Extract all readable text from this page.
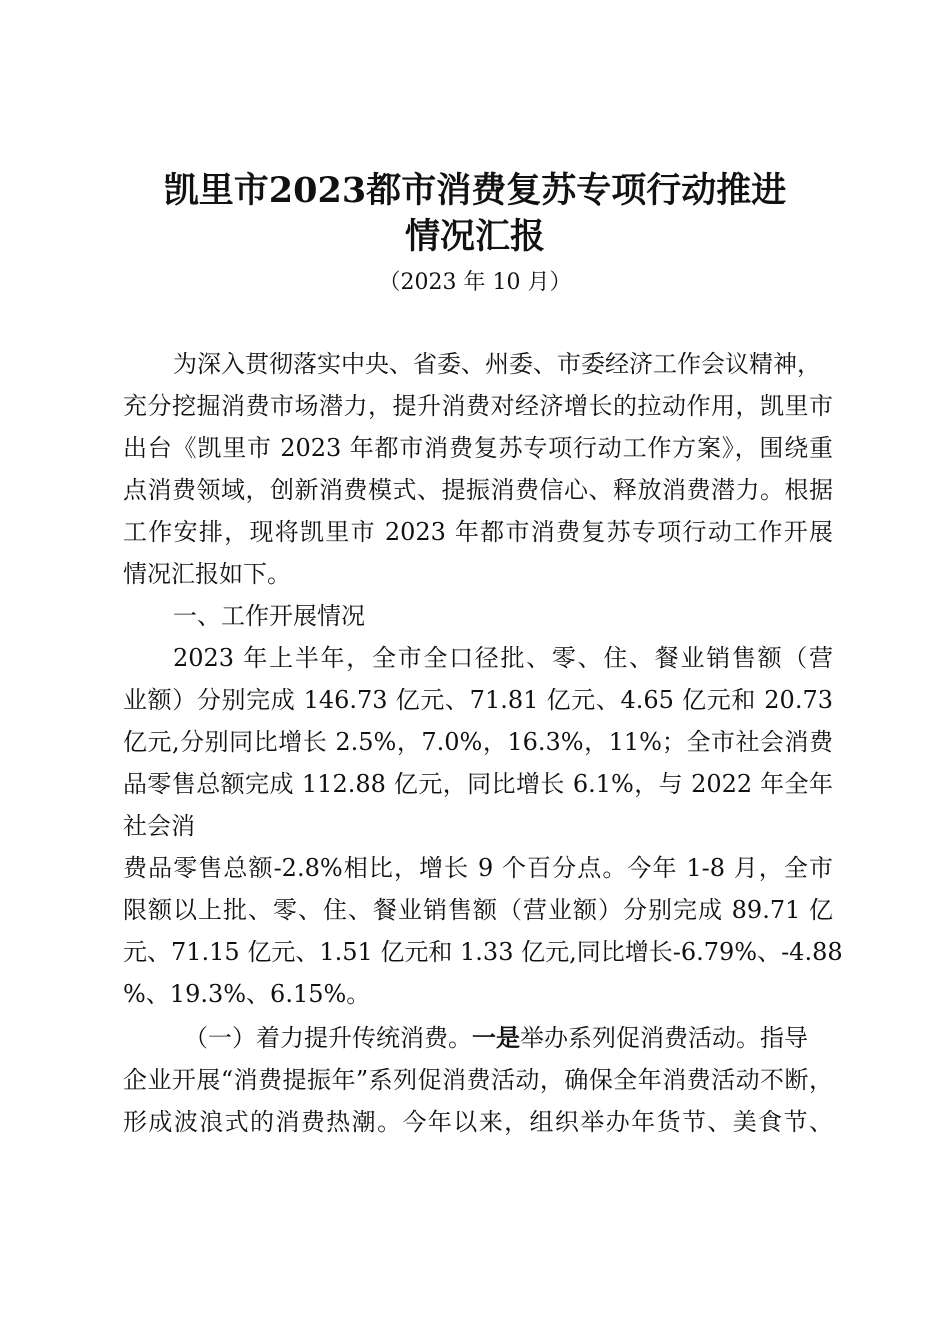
凯里市2023都市消费复苏专项行动推进
情况汇报
（2023 年 10 月）
为深入贯彻落实中央、省委、州委、市委经济工作会议精神，
充分挖掘消费市场潜力，提升消费对经济增长的拉动作用，凯里市
出台《凯里市 2023 年都市消费复苏专项行动工作方案》，围绕重
点消费领域，创新消费模式、提振消费信心、释放消费潜力。根据
工作安排，现将凯里市 2023 年都市消费复苏专项行动工作开展
情况汇报如下。
一、工作开展情况
2023 年上半年，全市全口径批、零、住、餐业销售额（营
业额）分别完成 146.73 亿元、71.81 亿元、4.65 亿元和 20.73
亿元,分别同比增长 2.5%，7.0%，16.3%，11%；全市社会消费
品零售总额完成 112.88 亿元，同比增长 6.1%，与 2022 年全年
社会消
费品零售总额-2.8%相比，增长 9 个百分点。今年 1-8 月，全市
限额以上批、零、住、餐业销售额（营业额）分别完成 89.71 亿
元、71.15 亿元、1.51 亿元和 1.33 亿元,同比增长-6.79%、-4.88
%、19.3%、6.15%。
（一）着力提升传统消费。一是举办系列促消费活动。指导
企业开展“消费提振年”系列促消费活动，确保全年消费活动不断，
形成波浪式的消费热潮。今年以来，组织举办年货节、美食节、
